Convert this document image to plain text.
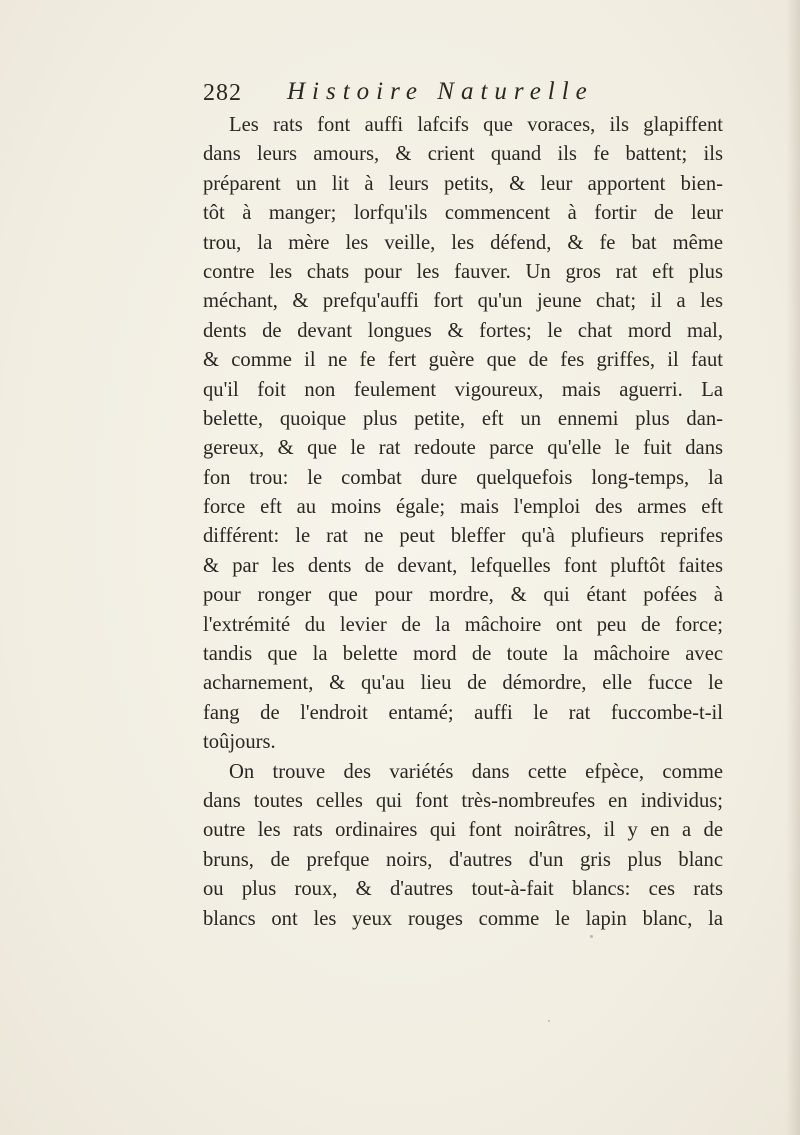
282 Histoire Naturelle
Les rats font auffi lafcifs que voraces, ils glapiffent
dans leurs amours, & crient quand ils fe battent; ils
préparent un lit à leurs petits, & leur apportent bien-
tôt à manger; lorfqu'ils commencent à fortir de leur
trou, la mère les veille, les défend, & fe bat même
contre les chats pour les fauver. Un gros rat eft plus
méchant, & prefqu'auffi fort qu'un jeune chat; il a les
dents de devant longues & fortes; le chat mord mal,
& comme il ne fe fert guère que de fes griffes, il faut
qu'il foit non feulement vigoureux, mais aguerri. La
belette, quoique plus petite, eft un ennemi plus dan-
gereux, & que le rat redoute parce qu'elle le fuit dans
fon trou: le combat dure quelquefois long-temps, la
force eft au moins égale; mais l'emploi des armes eft
différent: le rat ne peut bleffer qu'à plufieurs reprifes
& par les dents de devant, lefquelles font pluftôt faites
pour ronger que pour mordre, & qui étant pofées à
l'extrémité du levier de la mâchoire ont peu de force;
tandis que la belette mord de toute la mâchoire avec
acharnement, & qu'au lieu de démordre, elle fucce le
fang de l'endroit entamé; auffi le rat fuccombe-t-il
toûjours.
On trouve des variétés dans cette efpèce, comme
dans toutes celles qui font très-nombreufes en individus;
outre les rats ordinaires qui font noirâtres, il y en a de
bruns, de prefque noirs, d'autres d'un gris plus blanc
ou plus roux, & d'autres tout-à-fait blancs: ces rats
blancs ont les yeux rouges comme le lapin blanc, la
